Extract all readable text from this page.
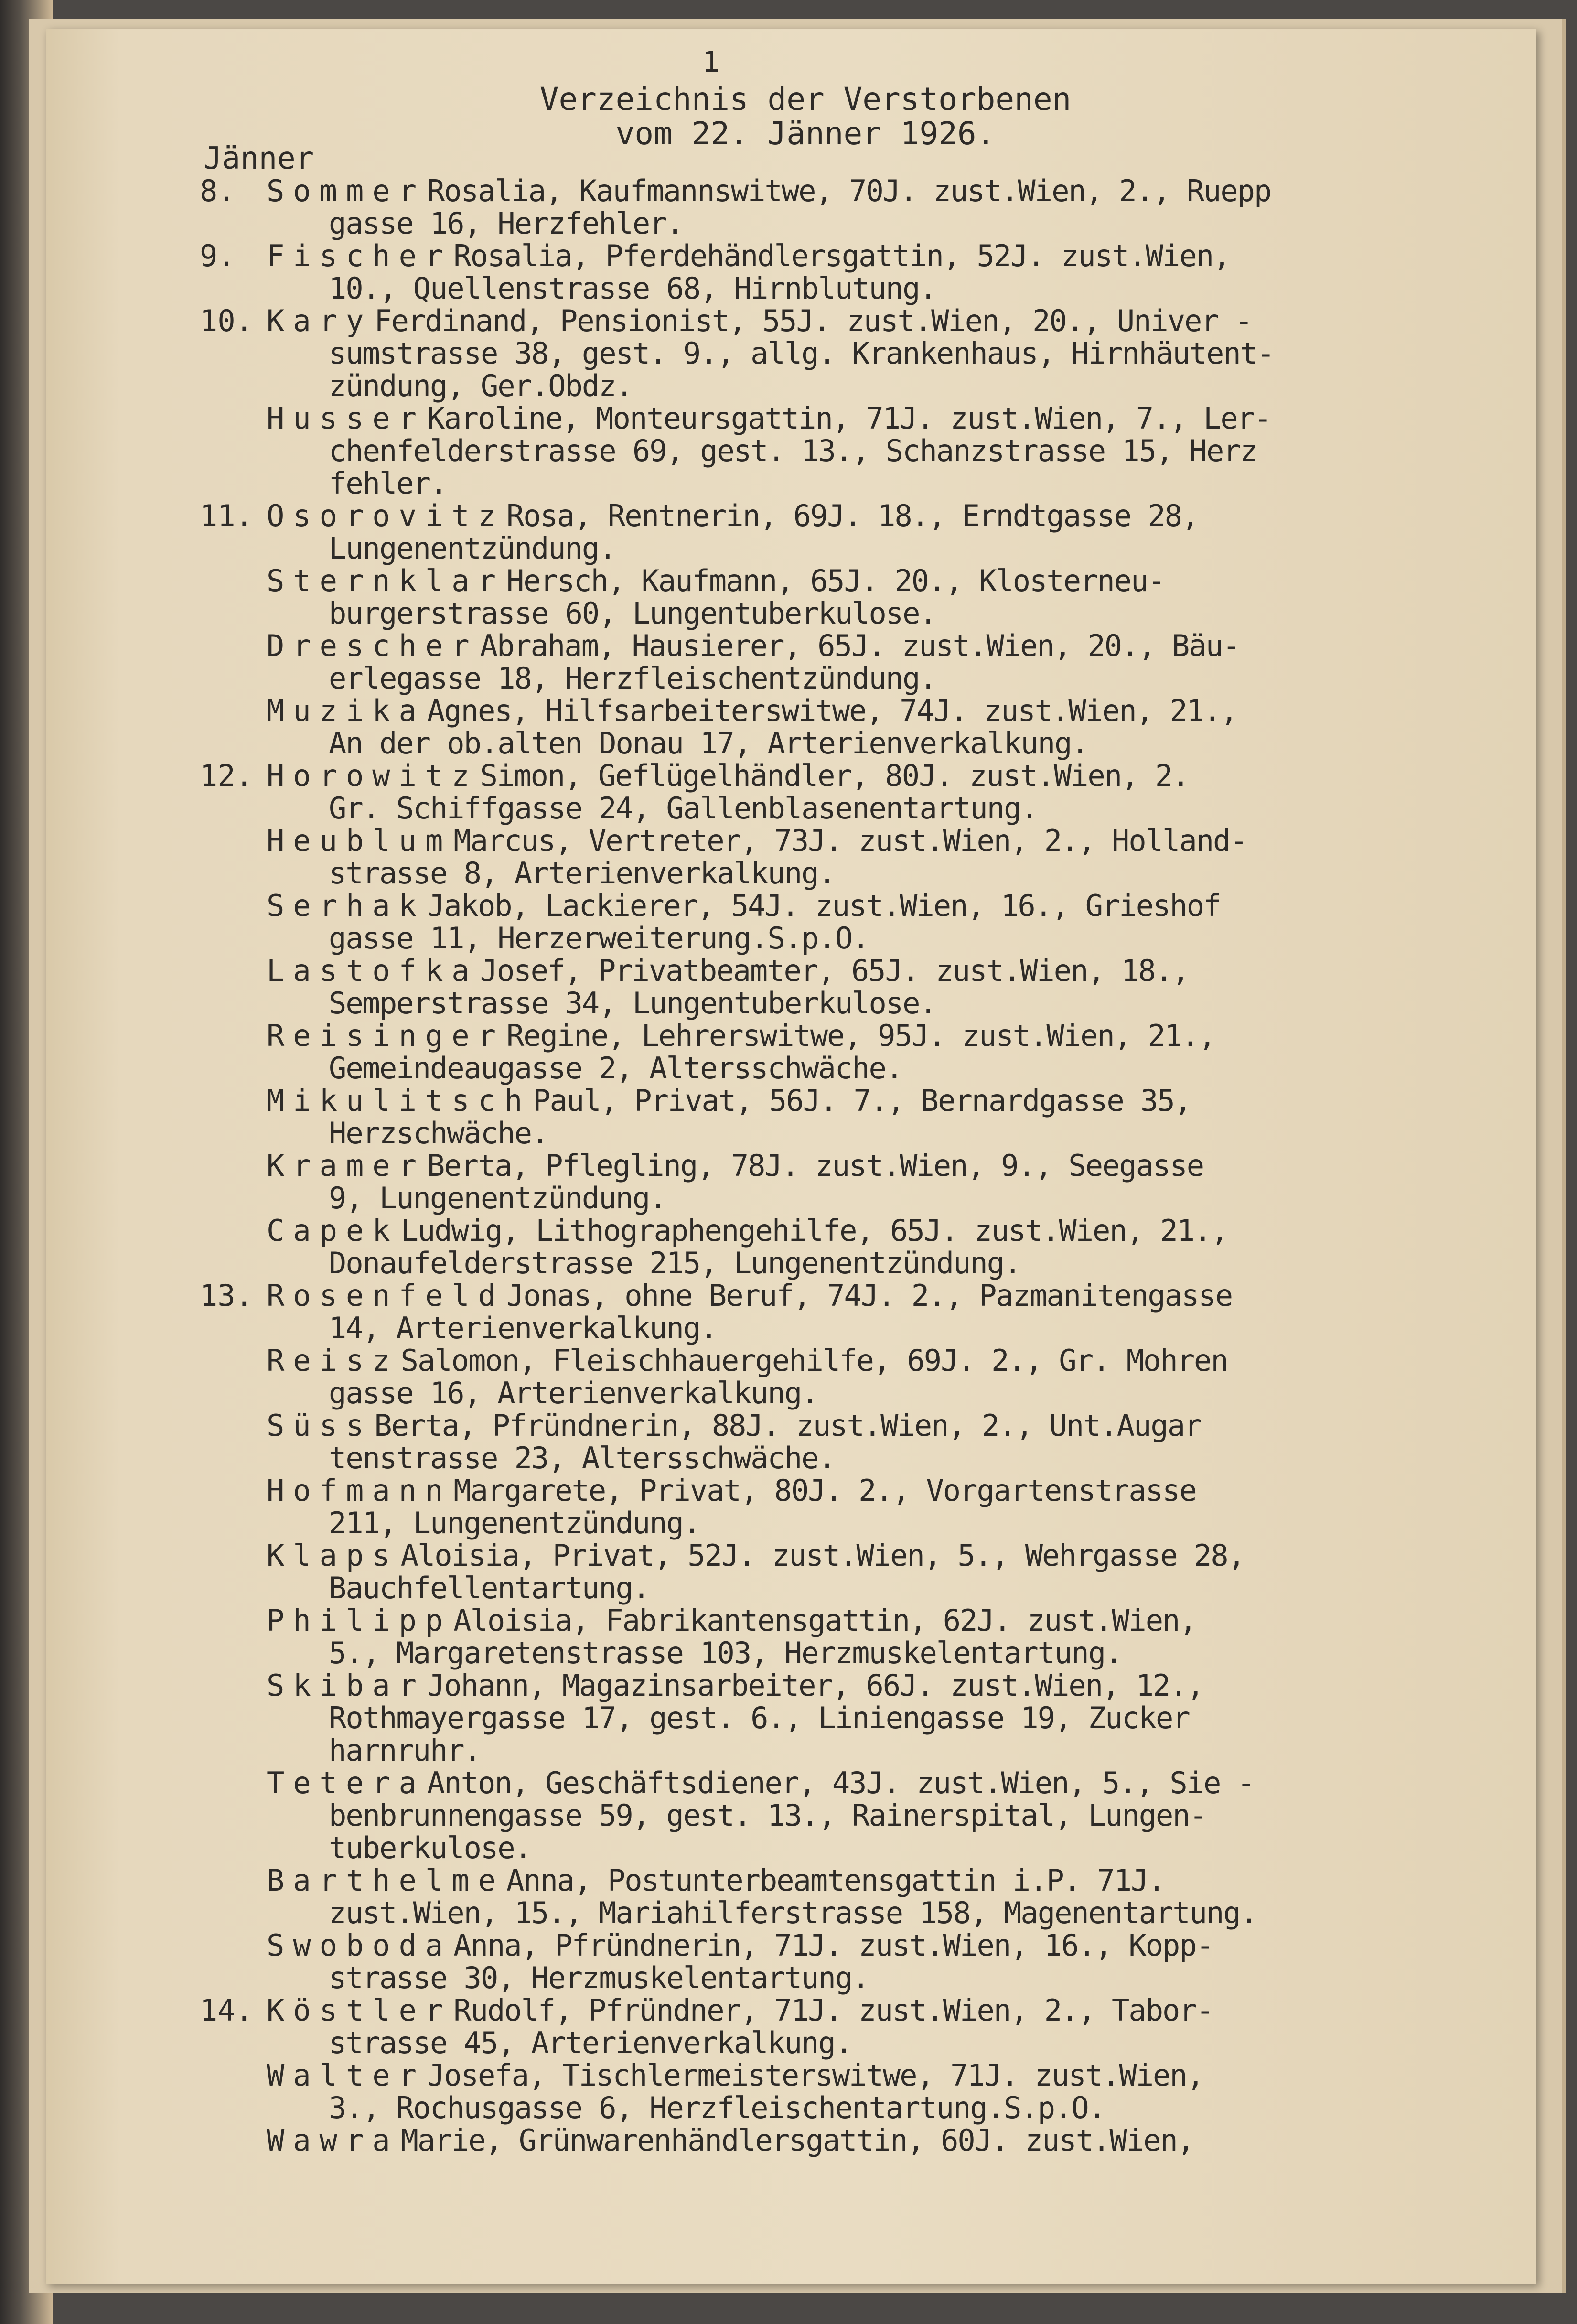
1
Verzeichnis der Verstorbenen
vom 22. Jänner 1926.
Jänner
8.	SommerRosalia, Kaufmannswitwe, 70J. zust.Wien, 2., Ruepp
gasse 16, Herzfehler.
9.	FischerRosalia, Pferdehändlersgattin, 52J. zust.Wien,
10., Quellenstrasse 68, Hirnblutung.
10. KaryFerdinand, Pensionist, 55J. zust.Wien, 20., Univer -
sumstrasse 38, gest. 9., allg. Krankenhaus, Hirnhäutent-
zündung, Ger.Obdz.
HusserKaroline, Monteursgattin, 71J. zust.Wien, 7., Ler-
chenfelderstrasse 69, gest. 13., Schanzstrasse 15, Herz
fehler.
11. OsorovitzRosa, Rentnerin, 69J. 18., Erndtgasse 28,
Lungenentzündung.
SternklarHersch, Kaufmann, 65J. 20., Klosterneu-
burgerstrasse 60, Lungentuberkulose.
DrescherAbraham, Hausierer, 65J. zust.Wien, 20., Bäu-
erlegasse 18, Herzfleischentzündung.
MuzikaAgnes, Hilfsarbeiterswitwe, 74J. zust.Wien, 21.,
An der ob.alten Donau 17, Arterienverkalkung.
12. HorowitzSimon, Geflügelhändler, 80J. zust.Wien, 2.
Gr. Schiffgasse 24, Gallenblasenentartung.
HeublumMarcus, Vertreter, 73J. zust.Wien, 2., Holland-
strasse 8, Arterienverkalkung.
SerhakJakob, Lackierer, 54J. zust.Wien, 16., Grieshof
gasse 11, Herzerweiterung.S.p.O.
LastofkaJosef, Privatbeamter, 65J. zust.Wien, 18.,
Semperstrasse 34, Lungentuberkulose.
ReisingerRegine, Lehrerswitwe, 95J. zust.Wien, 21.,
Gemeindeaugasse 2, Altersschwäche.
MikulitschPaul, Privat, 56J. 7., Bernardgasse 35,
Herzschwäche.
KramerBerta, Pflegling, 78J. zust.Wien, 9., Seegasse
9, Lungenentzündung.
CapekLudwig, Lithographengehilfe, 65J. zust.Wien, 21.,
Donaufelderstrasse 215, Lungenentzündung.
13. RosenfeldJonas, ohne Beruf, 74J. 2., Pazmanitengasse
14, Arterienverkalkung.
ReiszSalomon, Fleischhauergehilfe, 69J. 2., Gr. Mohren
gasse 16, Arterienverkalkung.
SüssBerta, Pfründnerin, 88J. zust.Wien, 2., Unt.Augar
tenstrasse 23, Altersschwäche.
HofmannMargarete, Privat, 80J. 2., Vorgartenstrasse
211, Lungenentzündung.
KlapsAloisia, Privat, 52J. zust.Wien, 5., Wehrgasse 28,
Bauchfellentartung.
PhilippAloisia, Fabrikantensgattin, 62J. zust.Wien,
5., Margaretenstrasse 103, Herzmuskelentartung.
SkibarJohann, Magazinsarbeiter, 66J. zust.Wien, 12.,
Rothmayergasse 17, gest. 6., Liniengasse 19, Zucker
harnruhr.
TeteraAnton, Geschäftsdiener, 43J. zust.Wien, 5., Sie -
benbrunnengasse 59, gest. 13., Rainerspital, Lungen-
tuberkulose.
BarthelmeAnna, Postunterbeamtensgattin i.P. 71J.
zust.Wien, 15., Mariahilferstrasse 158, Magenentartung.
SwobodaAnna, Pfründnerin, 71J. zust.Wien, 16., Kopp-
strasse 30, Herzmuskelentartung.
14. KöstlerRudolf, Pfründner, 71J. zust.Wien, 2., Tabor-
strasse 45, Arterienverkalkung.
WalterJosefa, Tischlermeisterswitwe, 71J. zust.Wien,
3., Rochusgasse 6, Herzfleischentartung.S.p.O.
WawraMarie, Grünwarenhändlersgattin, 60J. zust.Wien,
